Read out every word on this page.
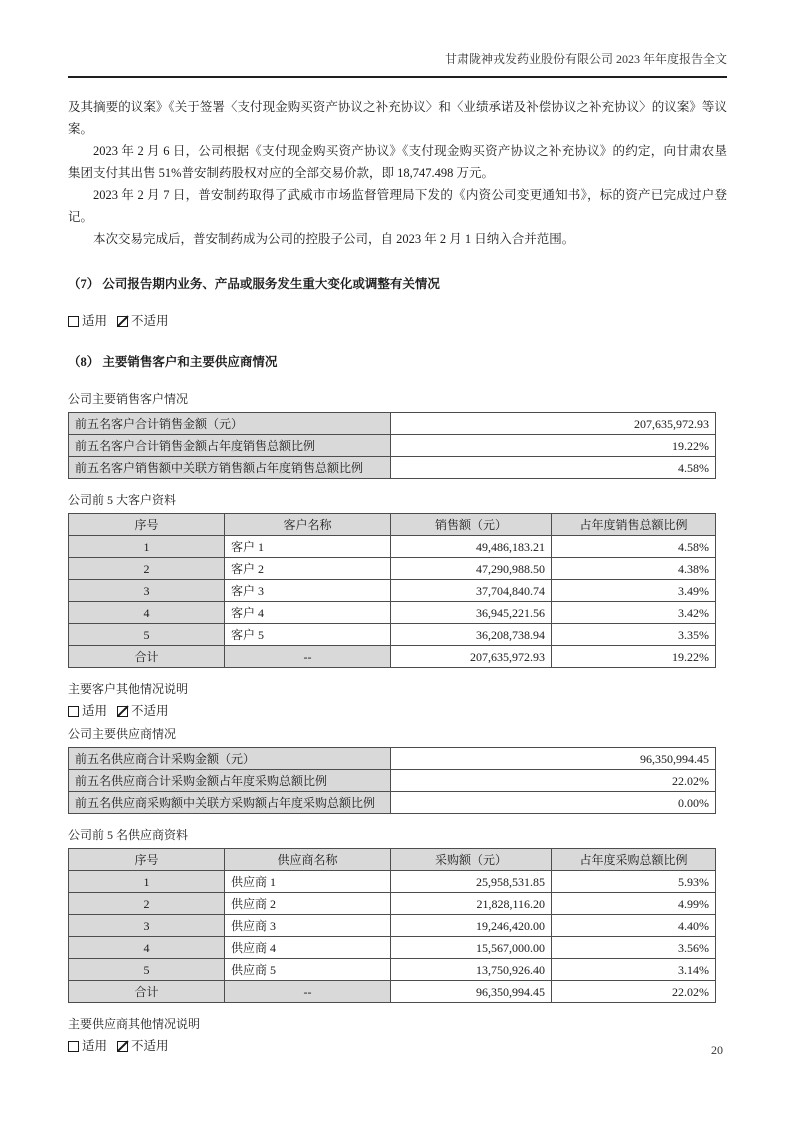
甘肃陇神戎发药业股份有限公司 2023 年年度报告全文

及其摘要的议案》《关于签署〈支付现金购买资产协议之补充协议〉和〈业绩承诺及补偿协议之补充协议〉的议案》等议案。

2023 年 2 月 6 日，公司根据《支付现金购买资产协议》《支付现金购买资产协议之补充协议》的约定，向甘肃农垦集团支付其出售 51%普安制药股权对应的全部交易价款，即 18,747.498 万元。

2023 年 2 月 7 日，普安制药取得了武威市市场监督管理局下发的《内资公司变更通知书》，标的资产已完成过户登记。

本次交易完成后，普安制药成为公司的控股子公司，自 2023 年 2 月 1 日纳入合并范围。

（7） 公司报告期内业务、产品或服务发生重大变化或调整有关情况

适用 不适用

（8） 主要销售客户和主要供应商情况

公司主要销售客户情况

前五名客户合计销售金额（元）	207,635,972.93
前五名客户合计销售金额占年度销售总额比例	19.22%
前五名客户销售额中关联方销售额占年度销售总额比例	4.58%

公司前 5 大客户资料

序号	客户名称	销售额（元）	占年度销售总额比例
1	客户 1	49,486,183.21	4.58%
2	客户 2	47,290,988.50	4.38%
3	客户 3	37,704,840.74	3.49%
4	客户 4	36,945,221.56	3.42%
5	客户 5	36,208,738.94	3.35%
合计	--	207,635,972.93	19.22%

主要客户其他情况说明

适用 不适用

公司主要供应商情况

前五名供应商合计采购金额（元）	96,350,994.45
前五名供应商合计采购金额占年度采购总额比例	22.02%
前五名供应商采购额中关联方采购额占年度采购总额比例	0.00%

公司前 5 名供应商资料

序号	供应商名称	采购额（元）	占年度采购总额比例
1	供应商 1	25,958,531.85	5.93%
2	供应商 2	21,828,116.20	4.99%
3	供应商 3	19,246,420.00	4.40%
4	供应商 4	15,567,000.00	3.56%
5	供应商 5	13,750,926.40	3.14%
合计	--	96,350,994.45	22.02%

主要供应商其他情况说明

适用 不适用	20
